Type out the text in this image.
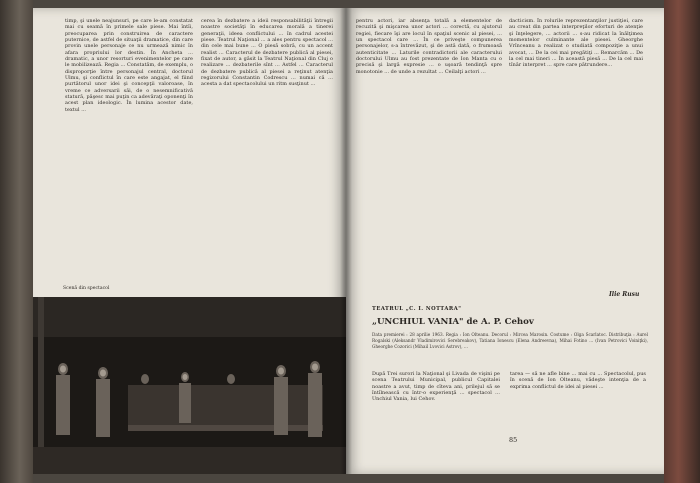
timp, şi unele neajunsuri, pe care le-am constatat mai cu seamă în primele sale piese. Mai întîi, preocuparea prin construirea de caractere puternice, de astfel de situaţii dramatice, din care provin unele personaje ce nu urmează nimic în afara propriului lor destin. În Ancheta ... dramatic, a unor resorturi evenimentelor pe care le mobilizează. Regia ... Constatăm, de exemplu, o disproporţie între personajul central, doctorul Ulmu, şi conflictul în care este angajat, el fiind purtătorul unor idei şi concepţii valoroase, în vreme ce adversarii săi, de o nesemnificativă statură, păşesc mai puţin ca adevăraţi oponenţi în acest plan ideologic. În lumina acestor date, textul ...
cerea în dezbatere a ideii responsabilităţii întregii noastre societăţi în educarea morală a tinerei generaţii, ideea conflictului ... în cadrul acestei piese. Teatrul Naţional ... a ales pentru spectacol ... din cele mai bune ... O piesă sobră, cu un accent realist ... Caracterul de dezbatere publică al piesei, fixat de autor, a găsit la Teatrul Naţional din Cluj o realizare ... dezbaterile sînt ... Astfel ... Caracterul de dezbatere publică al piesei a reţinut atenţia regizorului Constantin Codrescu ... numai că ... acesta a dat spectacolului un ritm susţinut ...
Scenă din spectacol
pentru actori, iar absenţa totală a elementelor de recuzită şi mişcarea unor actori ... corectă, cu ajutorul regiei, fiecare îşi are locul în spaţiul scenic al piesei, ... un spectacol care ... În ce priveşte compunerea personajelor, s-a întrevăzut, şi de astă dată, o frumoasă autenticitate ... Laturile contradictorii ale caracterului doctorului Ulmu au fost prezentate de Ion Manta cu o precisă şi largă expresie ... o uşoară tendinţă spre monotonie ... de unde a rezultat ... Ceilalţi actori ...
dacticism. În rolurile reprezentanţilor justiţiei, care au creat din partea interpreţilor eforturi de atenţie şi înţelegere, ... actorii ... s-au ridicat la înălţimea momentelor culminante ale piesei. Gheorghe Vrînceanu a realizat o studiată compoziţie a unui avocat, ... De la cei mai pregătiţi ... Remarcăm ... De la cel mai tineri ... În această piesă ... De la cel mai tînăr interpret ... spre care pătrundere...
Ilie Rusu
TEATRUL „C. I. NOTTARA"
„UNCHIUL VANIA" de A. P. Cehov
Data premierei : 28 aprilie 1963. Regia : Ion Olteanu. Decorul : Mircea Marosin. Costume : Olga Scarlatoc. Distribuţia : Aurel Rogalski (Aleksandr Vladimirovici Serebreakov), Tatiana Ionescu (Elena Andreevna), Mihai Fotino ... (Ivan Petrovici Voiniţki), Gheorghe Cozorici (Mihail Lvovici Astrov), ...
După Trei surori la Naţional şi Livada de vişini pe scena Teatrului Municipal, publicul Capitalei noastre a avut, timp de cîteva ani, prilejul să se întîlnească cu într-o experienţă ... spectacol ... Unchiul Vania, lui Cehov.
tarea — să ne afle bine ... mai cu ... Spectacolul, pus în scenă de Ion Olteanu, vădeşte intenţia de a exprima conflictul de idei al piesei ...
85
